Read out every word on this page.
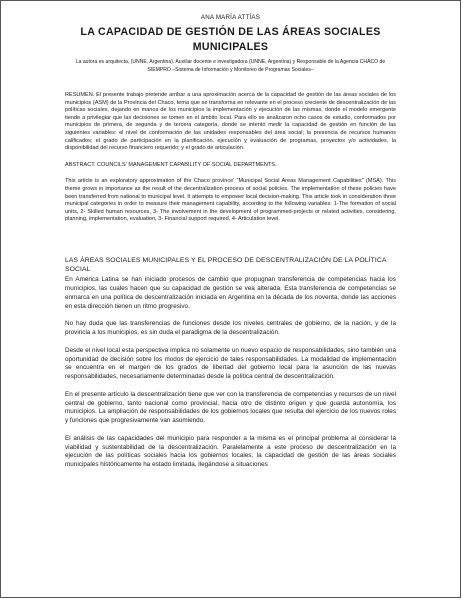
ANA MARÍA ATTÍAS
LA CAPACIDAD DE GESTIÓN DE LAS ÁREAS SOCIALES MUNICIPALES
La autora es arquitecta, (UNNE, Argentina). Auxiliar docente e investigadora (UNNE, Argentina) y Responsable de la Agencia CHACO de SIEMPRO –Sistema de Información y Monitoreo de Programas Sociales–

RESUMEN. El presente trabajo pretende arribar a una aproximación acerca de la capacidad de gestión de las áreas sociales de los municipios (ASM) de la Provincia del Chaco, tema que se transforma en relevante en el proceso creciente de descentralización de las políticas sociales, dejando en manos de los municipios la implementación y ejecución de las mismas, donde el modelo emergente tiende a privilegiar que las decisiones se tomen en el ámbito local. Para ello se analizaron ocho casos de estudio, conformados por municipios de primera, de segunda y de tercera categoría, donde se intentó medir la capacidad de gestión en función de las siguientes variables: el nivel de conformación de las unidades responsables del área social; la presencia de recursos humanos calificados; el grado de participación en la planificación, ejecución y evaluación de programas, proyectos y/o actividades, la disponibilidad del recurso financiero requerido; y el grado de articulación.

ABSTRACT. COUNCILS' MANAGEMENT CAPABILITY OF SOCIAL DEPARTMENTS.

This article is an exploratory approximation of the Chaco province' "Municipal Social Areas Management Capabilities" (MSA). This theme grows in importance as the result of the decentralization process of social policies. The implementation of these policies have been transferred from national to municipal level. It attempts to empower local decision-making. This article took in consideration three municipal categories in order to measure their management capability, according to the following variables: 1-The formation of social units, 2- Skilled human resources, 3- The involvement in the development of programmed-projects or related activities, considering, planning, implementation, evaluation, 3- Financial support required, 4- Articulation level.

LAS ÁREAS SOCIALES MUNICIPALES Y EL PROCESO DE DESCENTRALIZACIÓN DE LA POLÍTICA SOCIAL

En América Latina se han iniciado procesos de cambio que propugnan transferencia de competencias hacia los municipios, las cuales hacen que su capacidad de gestión se vea alterada. Esta transferencia de competencias se enmarca en una política de descentralización iniciada en Argentina en la década de los noventa, donde las acciones en esta dirección tienen un ritmo progresivo.

No hay duda que las transferencias de funciones desde los niveles centrales de gobierno, de la nación, y de la provincia a los municipios, es sin duda el paradigma de la descentralización.

Desde el nivel local esta perspectiva implica no solamente un nuevo espacio de responsabilidades, sino también una oportunidad de decisión sobre los modos de ejercicio de tales responsabilidades. La modalidad de implementación se encuentra en el margen de los grados de libertad del gobierno local para la asunción de las nuevas responsabilidades, necesariamente determinadas desde la política central de descentralización.

En el presente artículo la descentralización tiene que ver con la transferencia de competencias y recursos de un nivel central de gobierno, tanto nacional como provincial, hacia otro de distinto origen y que guarda autonomía, los municipios. La ampliación de responsabilidades de los gobiernos locales que resulta del ejercicio de los nuevos roles y funciones que progresivamente van asumiendo.

El análisis de las capacidades del municipio para responder a la misma es el principal problema al considerar la viabilidad y sustentabilidad de la descentralización. Paralelamente a este proceso de descentralización en la ejecución de las políticas sociales hacia los gobiernos locales, la capacidad de gestión de las áreas sociales municipales históricamente ha estado limitada, llegándose a situaciones
